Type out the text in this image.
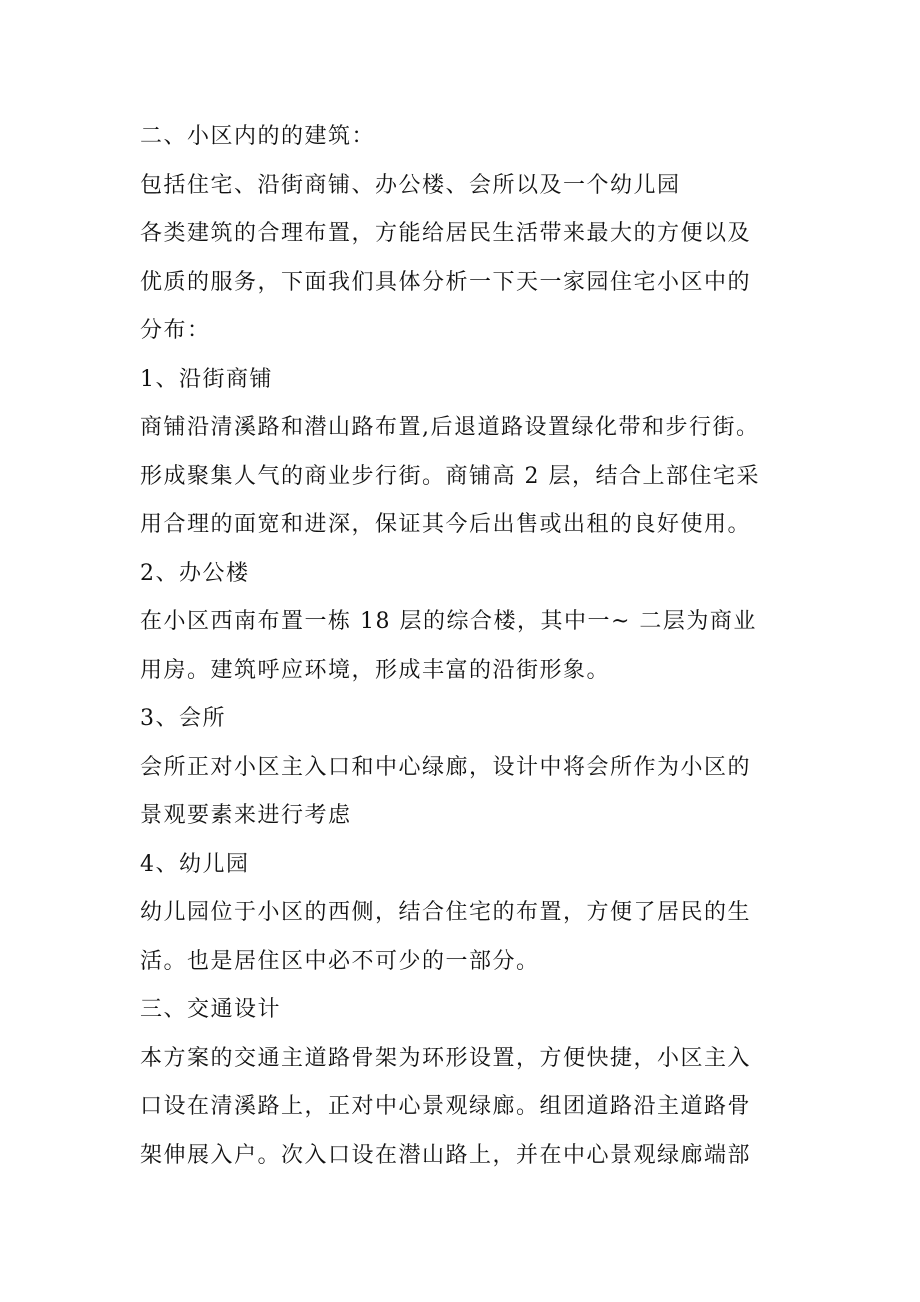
二、小区内的的建筑：
包括住宅、沿街商铺、办公楼、会所以及一个幼儿园
各类建筑的合理布置，方能给居民生活带来最大的方便以及
优质的服务，下面我们具体分析一下天一家园住宅小区中的
分布：
1、沿街商铺
商铺沿清溪路和潜山路布置,后退道路设置绿化带和步行街。
形成聚集人气的商业步行街。商铺高 2 层，结合上部住宅采
用合理的面宽和进深，保证其今后出售或出租的良好使用。
2、办公楼
在小区西南布置一栋 18 层的综合楼，其中一~ 二层为商业
用房。建筑呼应环境，形成丰富的沿街形象。
3、会所
会所正对小区主入口和中心绿廊，设计中将会所作为小区的
景观要素来进行考虑
4、幼儿园
幼儿园位于小区的西侧，结合住宅的布置，方便了居民的生
活。也是居住区中必不可少的一部分。
三、交通设计
本方案的交通主道路骨架为环形设置，方便快捷，小区主入
口设在清溪路上，正对中心景观绿廊。组团道路沿主道路骨
架伸展入户。次入口设在潜山路上，并在中心景观绿廊端部
